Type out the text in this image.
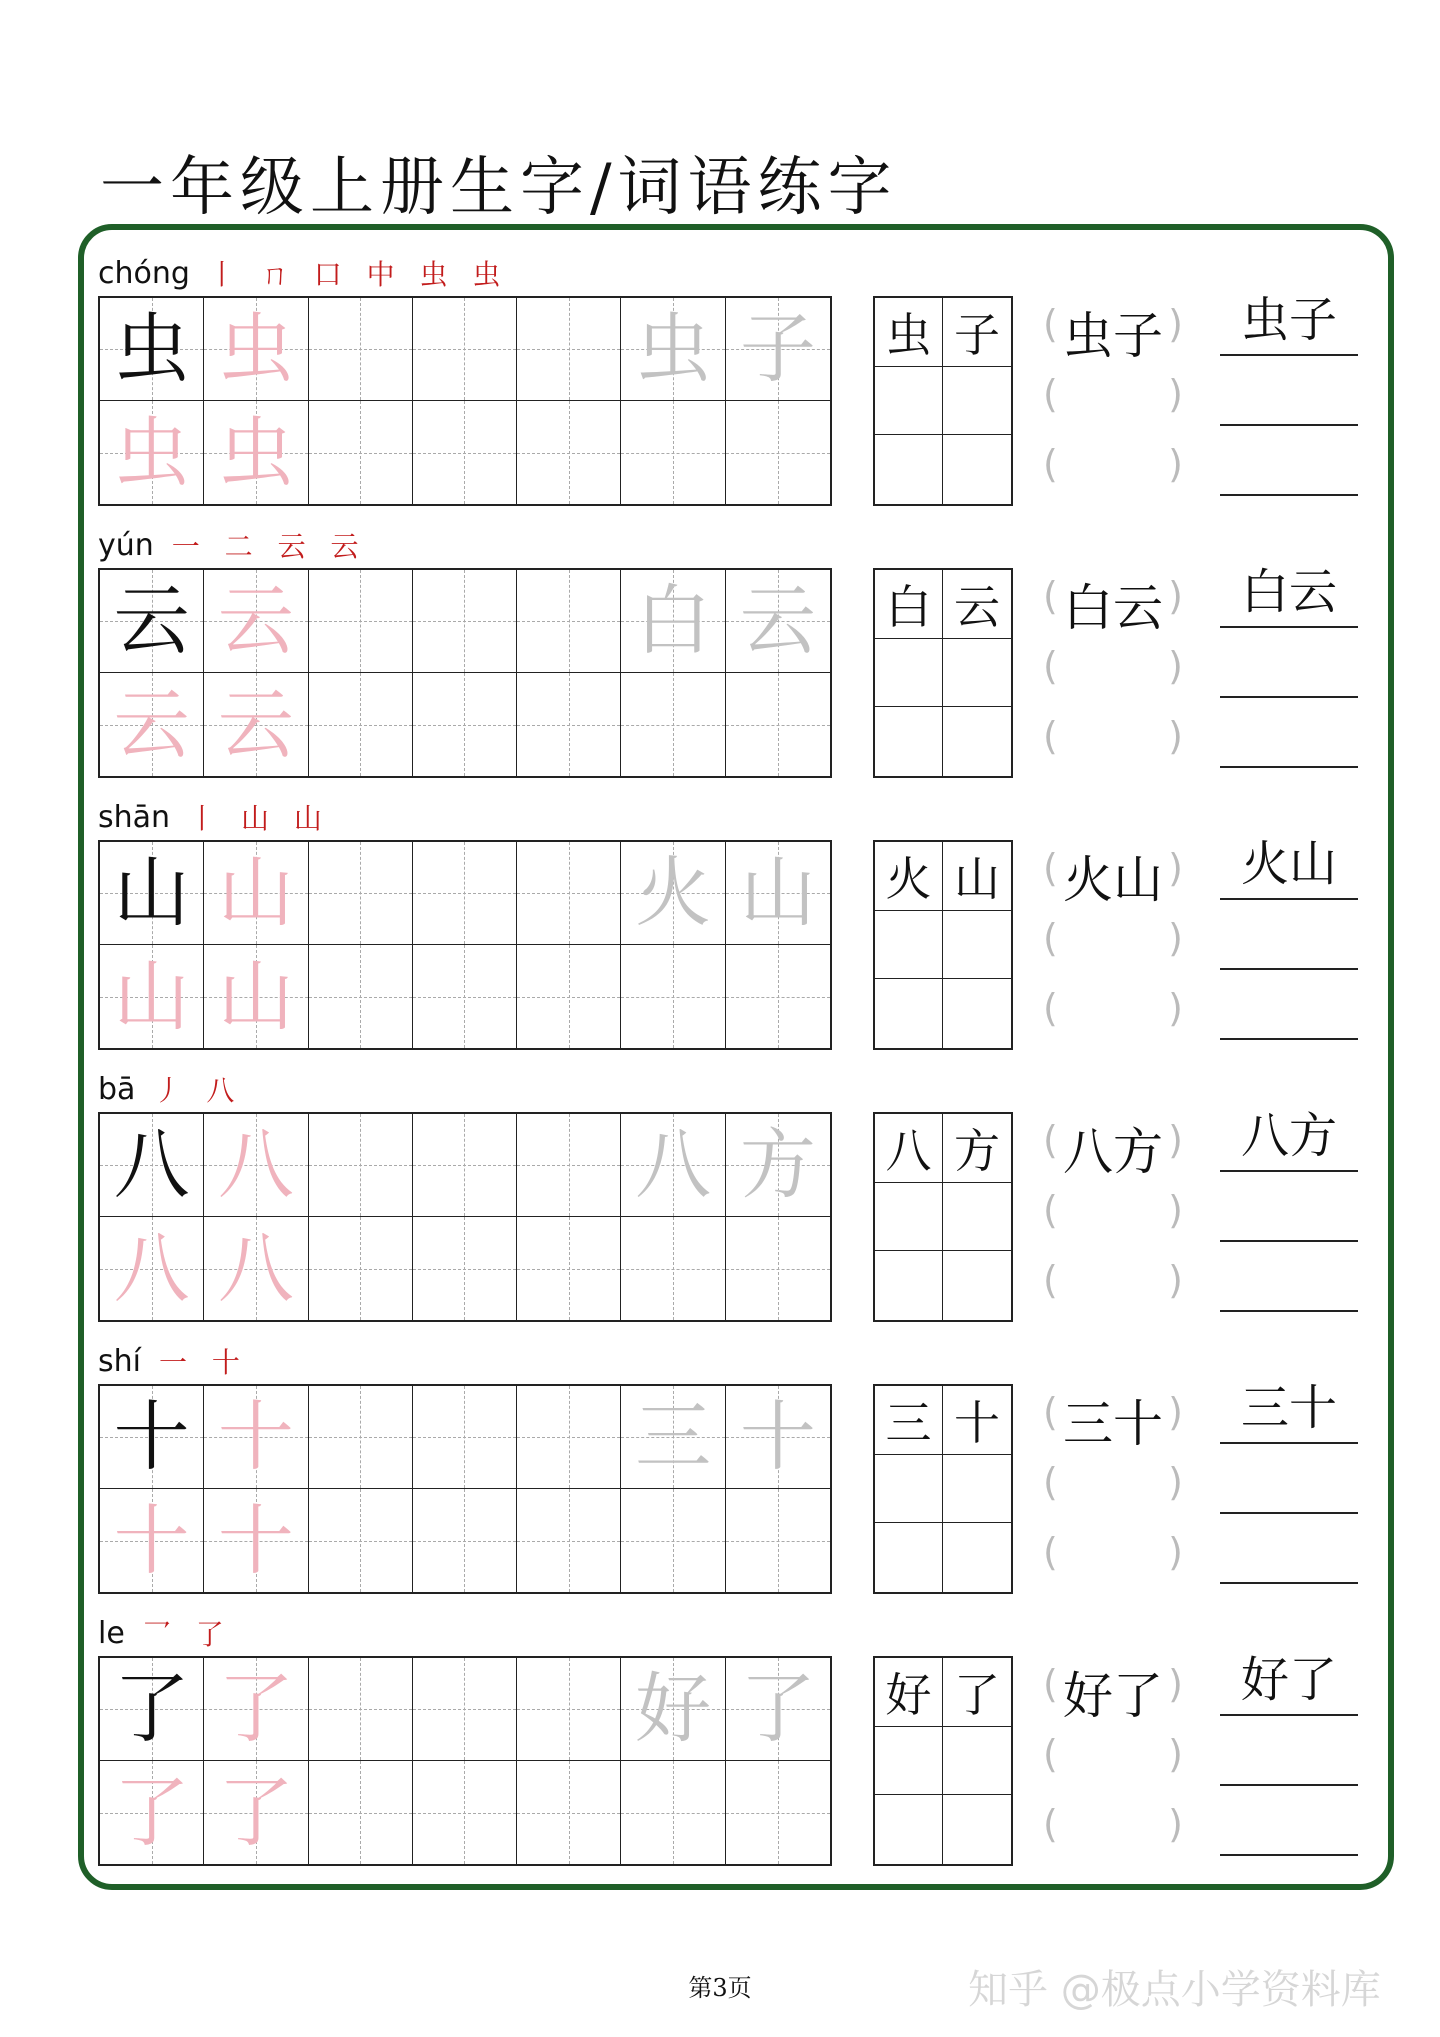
一年级上册生字/词语练字
chóng 丨 ㄇ 口 中 虫 虫
虫 虫	虫 子
虫 虫
虫 子 ( 虫子 )
(	)
(	)
虫子
yún 一 二 云 云
云 云	白 云
云 云
白 云 ( 白云 )
(	)
(	)
白云
shān 丨 山 山
山 山	火 山
山 山
火 山 ( 火山 )
(	)
(	)
火山
bā 丿 八
八 八	八 方
八 八
八 方 ( 八方 )
(	)
(	)
八方
shí 一 十
十 十	三 十
十 十
三 十 ( 三十 )
(	)
(	)
三十
le 乛 了
了 了	好 了
了 了
好 了 ( 好了 )
(	)
(	)
好了
第3页	知乎 @极点小学资料库
